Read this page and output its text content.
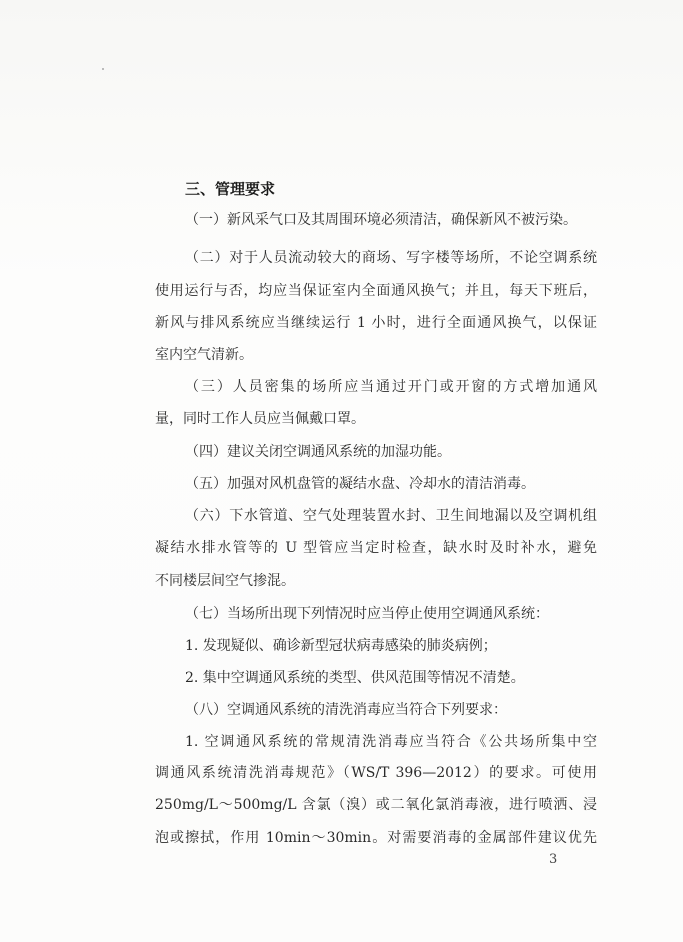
三、管理要求
（一）新风采气口及其周围环境必须清洁，确保新风不被污染。
（二）对于人员流动较大的商场、写字楼等场所，不论空调系统
使用运行与否，均应当保证室内全面通风换气；并且，每天下班后，
新风与排风系统应当继续运行 1 小时，进行全面通风换气，以保证
室内空气清新。
（三）人员密集的场所应当通过开门或开窗的方式增加通风
量，同时工作人员应当佩戴口罩。
（四）建议关闭空调通风系统的加湿功能。
（五）加强对风机盘管的凝结水盘、冷却水的清洁消毒。
（六）下水管道、空气处理装置水封、卫生间地漏以及空调机组
凝结水排水管等的 U 型管应当定时检查，缺水时及时补水，避免
不同楼层间空气掺混。
（七）当场所出现下列情况时应当停止使用空调通风系统：
1. 发现疑似、确诊新型冠状病毒感染的肺炎病例；
2. 集中空调通风系统的类型、供风范围等情况不清楚。
（八）空调通风系统的清洗消毒应当符合下列要求：
1. 空调通风系统的常规清洗消毒应当符合《公共场所集中空
调通风系统清洗消毒规范》（WS/T 396—2012）的要求。可使用
250mg/L～500mg/L 含氯（溴）或二氧化氯消毒液，进行喷洒、浸
泡或擦拭，作用 10min～30min。对需要消毒的金属部件建议优先
3
